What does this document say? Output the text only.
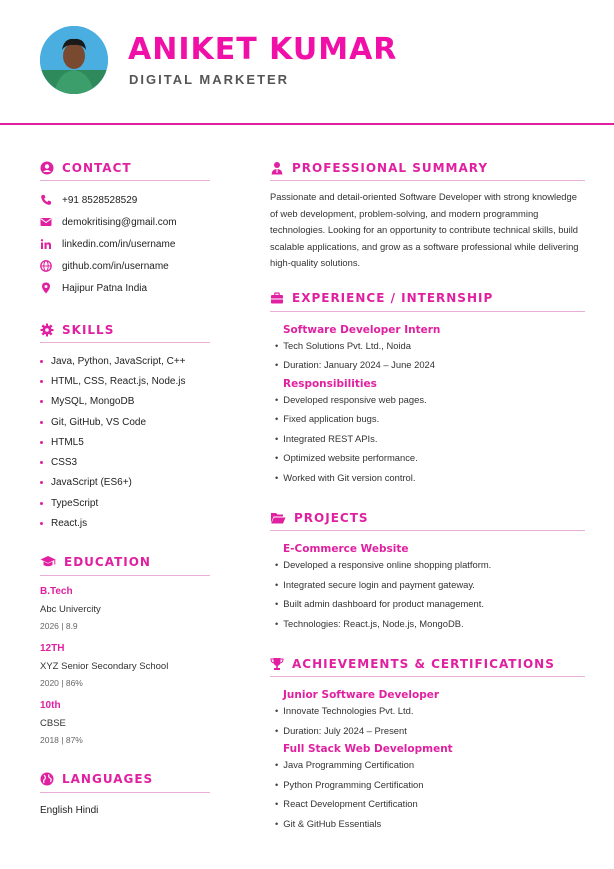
ANIKET KUMAR
DIGITAL MARKETER
CONTACT
+91 8528528529
demokritising@gmail.com
linkedin.com/in/username
github.com/in/username
Hajipur Patna India
SKILLS
Java, Python, JavaScript, C++
HTML, CSS, React.js, Node.js
MySQL, MongoDB
Git, GitHub, VS Code
HTML5
CSS3
JavaScript (ES6+)
TypeScript
React.js
EDUCATION
B.Tech
Abc Univercity
2026 | 8.9
12TH
XYZ Senior Secondary School
2020 | 86%
10th
CBSE
2018 | 87%
LANGUAGES
English Hindi
PROFESSIONAL SUMMARY

Passionate and detail-oriented Software Developer with strong knowledge of web development, problem-solving, and modern programming technologies. Looking for an opportunity to contribute technical skills, build scalable applications, and grow as a software professional while delivering high-quality solutions.

EXPERIENCE / INTERNSHIP
Software Developer Intern
• Tech Solutions Pvt. Ltd., Noida
• Duration: January 2024 – June 2024
Responsibilities
• Developed responsive web pages.
• Fixed application bugs.
• Integrated REST APIs.
• Optimized website performance.
• Worked with Git version control.
PROJECTS
E-Commerce Website
• Developed a responsive online shopping platform.
• Integrated secure login and payment gateway.
• Built admin dashboard for product management.
• Technologies: React.js, Node.js, MongoDB.
ACHIEVEMENTS & CERTIFICATIONS
Junior Software Developer
• Innovate Technologies Pvt. Ltd.
• Duration: July 2024 – Present
Full Stack Web Development
• Java Programming Certification
• Python Programming Certification
• React Development Certification
• Git & GitHub Essentials
